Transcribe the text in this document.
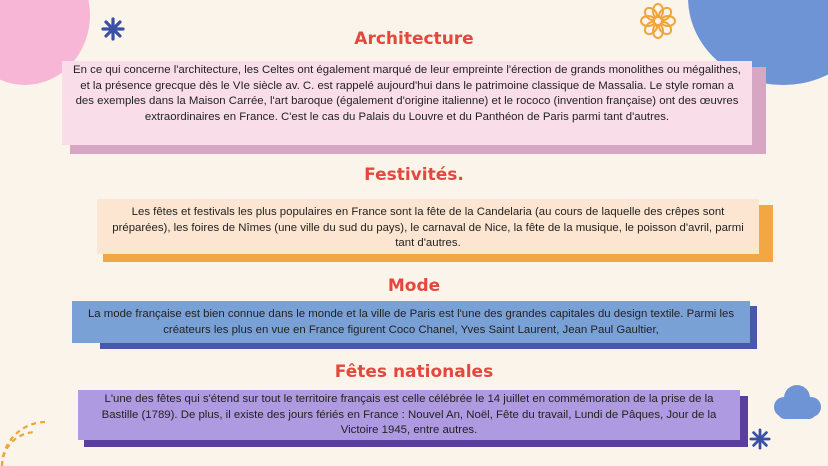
Architecture
En ce qui concerne l'architecture, les Celtes ont également marqué de leur empreinte l'érection de grands monolithes ou mégalithes, et la présence grecque dès le VIe siècle av. C. est rappelé aujourd'hui dans le patrimoine classique de Massalia. Le style roman a des exemples dans la Maison Carrée, l'art baroque (également d'origine italienne) et le rococo (invention française) ont des œuvres extraordinaires en France. C'est le cas du Palais du Louvre et du Panthéon de Paris parmi tant d'autres.
Festivités.
Les fêtes et festivals les plus populaires en France sont la fête de la Candelaria (au cours de laquelle des crêpes sont préparées), les foires de Nîmes (une ville du sud du pays), le carnaval de Nice, la fête de la musique, le poisson d'avril, parmi tant d'autres.
Mode
La mode française est bien connue dans le monde et la ville de Paris est l'une des grandes capitales du design textile. Parmi les créateurs les plus en vue en France figurent Coco Chanel, Yves Saint Laurent, Jean Paul Gaultier,
Fêtes nationales
L'une des fêtes qui s'étend sur tout le territoire français est celle célébrée le 14 juillet en commémoration de la prise de la Bastille (1789). De plus, il existe des jours fériés en France : Nouvel An, Noël, Fête du travail, Lundi de Pâques, Jour de la Victoire 1945, entre autres.
